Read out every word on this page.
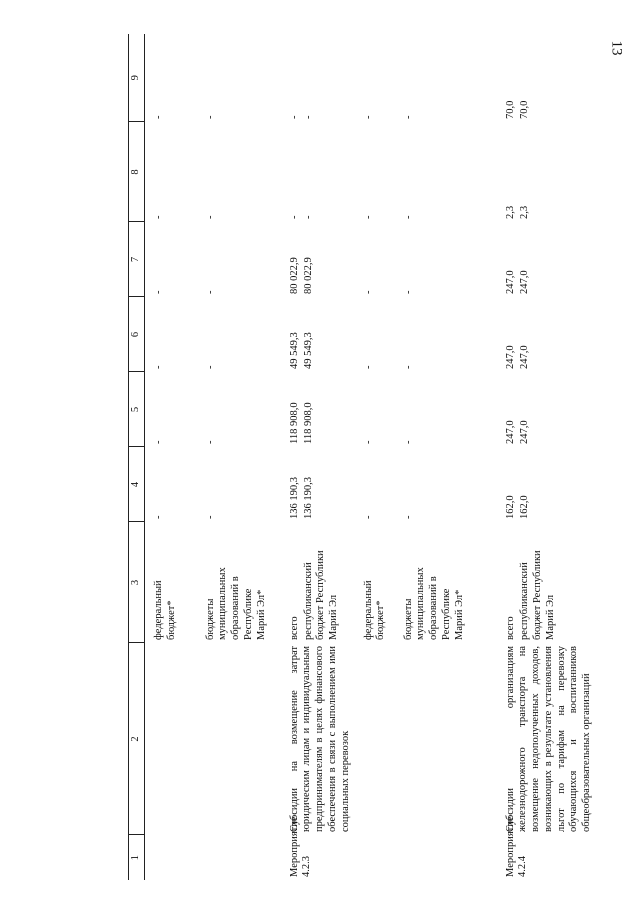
13
1	2	3	4	5	6	7	8	9

		федеральный бюджет*	-	-	-	-	-	-

		бюджеты муниципальных образований в Республике Марий Эл*	-	-	-	-	-	-

Мероприятие 4.2.3	Субсидии на возмещение затрат юридическим лицам и индивидуальным предпринимателям в целях финансового обеспечения в связи с выполнением ими социальных перевозок	всего	136 190,3	118 908,0	49 549,3	80 022,9	-	-

		республиканский бюджет Республики Марий Эл	136 190,3	118 908,0	49 549,3	80 022,9	-	-

		федеральный бюджет*	-	-	-	-	-	-

		бюджеты муниципальных образований в Республике Марий Эл*	-	-	-	-	-	-

Мероприятие 4.2.4	Субсидии организациям железнодорожного транспорта на возмещение недополученных доходов, возникающих в результате установления льгот по тарифам на перевозку обучающихся и воспитанников общеобразовательных организаций	всего	162,0	247,0	247,0	247,0	2,3	70,0

		республиканский бюджет Республики Марий Эл	162,0	247,0	247,0	247,0	2,3	70,0
